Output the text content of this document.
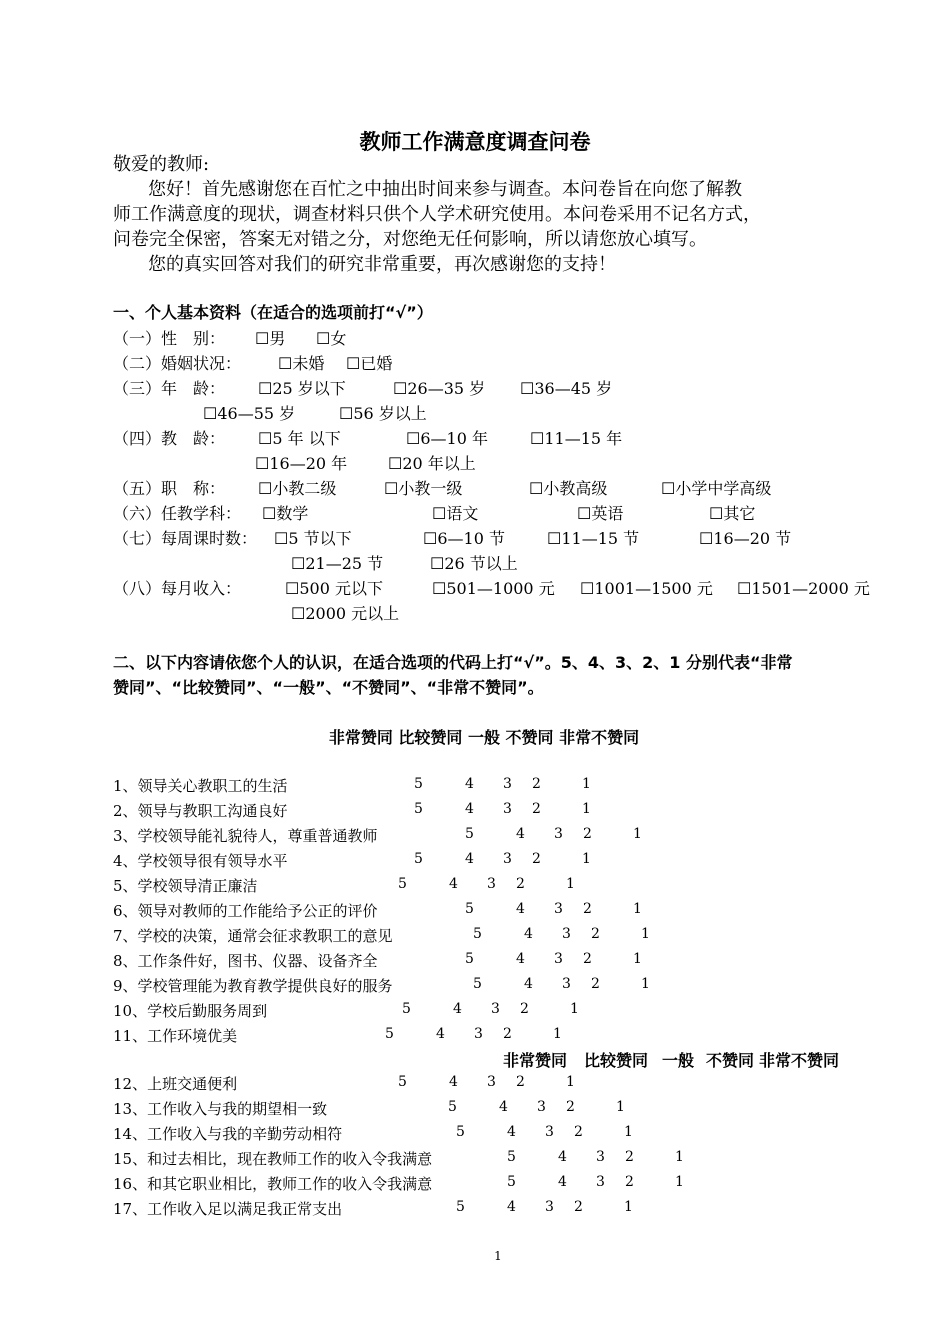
教师工作满意度调查问卷
敬爱的教师:
您好！首先感谢您在百忙之中抽出时间来参与调查。本问卷旨在向您了解教
师工作满意度的现状，调查材料只供个人学术研究使用。本问卷采用不记名方式，
问卷完全保密，答案无对错之分，对您绝无任何影响，所以请您放心填写。
您的真实回答对我们的研究非常重要，再次感谢您的支持！
一、个人基本资料（在适合的选项前打“√”）
（一）性　别： ☐男 ☐女
（二）婚姻状况： ☐未婚 ☐已婚
（三）年　龄： ☐25 岁以下	☐26—35 岁 ☐36—45 岁
☐46—55 岁	☐56 岁以上
（四）教　龄： ☐5 年 以下	☐6—10 年	☐11—15 年
☐16—20 年	☐20 年以上
（五）职　称： ☐小教二级	☐小教一级	☐小教高级	☐小学中学高级
（六）任教学科： ☐数学	☐语文	☐英语	☐其它
（七）每周课时数： ☐5 节以下	☐6—10 节	☐11—15 节	☐16—20 节
☐21—25 节	☐26 节以上
（八）每月收入：	☐500 元以下	☐501—1000 元 ☐1001—1500 元 ☐1501—2000 元
☐2000 元以上
二、以下内容请依您个人的认识，在适合选项的代码上打“√”。5、4、3、2、1 分别代表“非常
赞同”、“比较赞同”、“一般”、“不赞同”、“非常不赞同”。
非常赞同 比较赞同 一般 不赞同 非常不赞同
1、领导关心教职工的生活	5	4 3 2	1
2、领导与教职工沟通良好	5	4 3 2	1
3、学校领导能礼貌待人，尊重普通教师	5	4 3 2	1
4、学校领导很有领导水平	5	4 3 2	1
5、学校领导清正廉洁	5	4 3 2	1
6、领导对教师的工作能给予公正的评价	5	4 3 2	1
7、学校的决策，通常会征求教职工的意见	5	4 3 2	1
8、工作条件好，图书、仪器、设备齐全	5	4 3 2	1
9、学校管理能为教育教学提供良好的服务	5	4 3 2	1
10、学校后勤服务周到	5	4 3 2	1
11、工作环境优美	5	4 3 2	1
12、上班交通便利	5	4 3 2	1
13、工作收入与我的期望相一致	5	4 3 2	1
14、工作收入与我的辛勤劳动相符	5	4 3 2	1
15、和过去相比，现在教师工作的收入令我满意	5	4 3 2	1
16、和其它职业相比，教师工作的收入令我满意	5	4 3 2	1
17、工作收入足以满足我正常支出	5	4 3 2	1
非常赞同 比较赞同 一般 不赞同 非常不赞同
1
